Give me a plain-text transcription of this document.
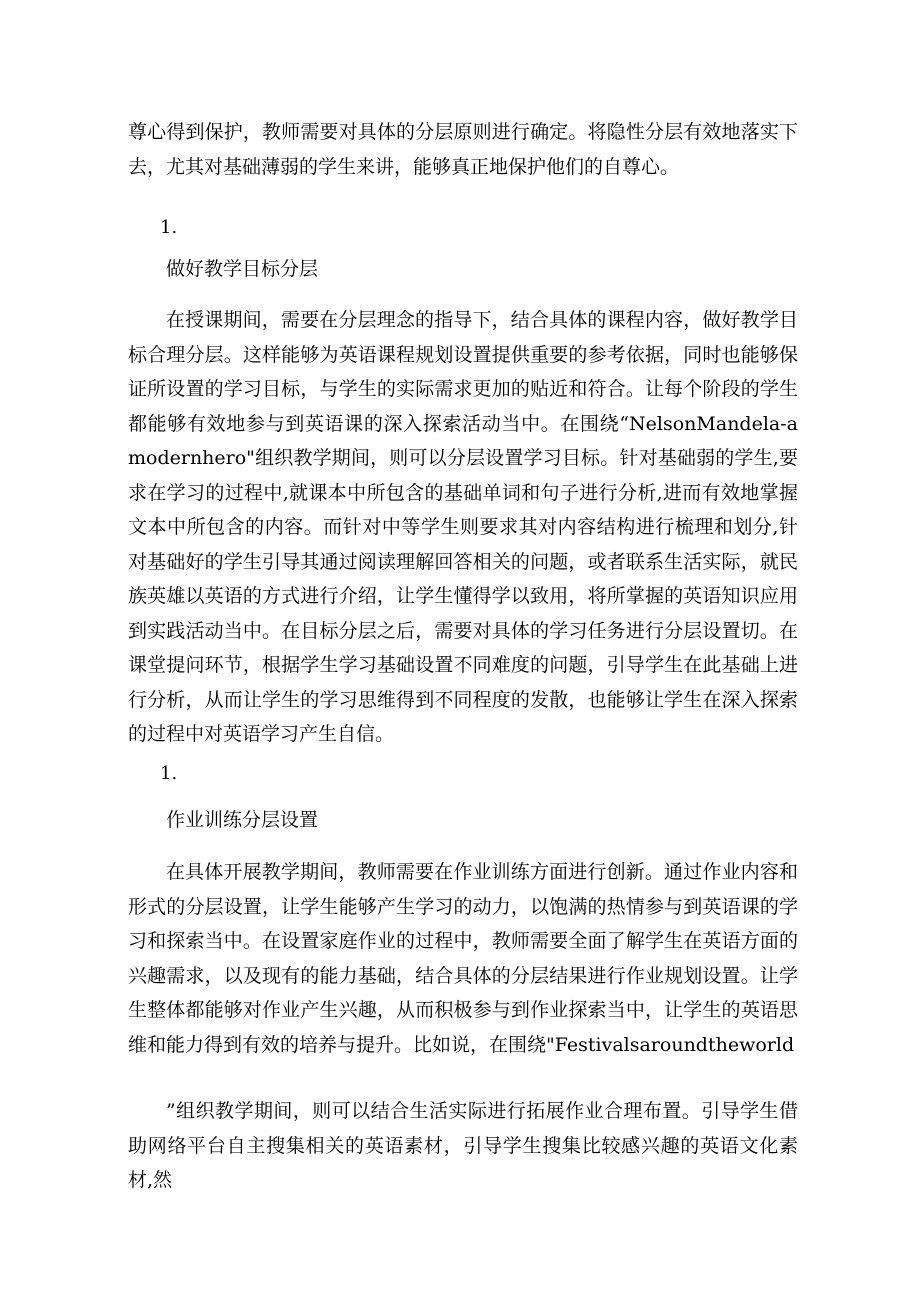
尊心得到保护，教师需要对具体的分层原则进行确定。将隐性分层有效地落实下去，尤其对基础薄弱的学生来讲，能够真正地保护他们的自尊心。

1.

做好教学目标分层

在授课期间，需要在分层理念的指导下，结合具体的课程内容，做好教学目标合理分层。这样能够为英语课程规划设置提供重要的参考依据，同时也能够保证所设置的学习目标，与学生的实际需求更加的贴近和符合。让每个阶段的学生都能够有效地参与到英语课的深入探索活动当中。在围绕“NelsonMandela-amodernhero"组织教学期间，则可以分层设置学习目标。针对基础弱的学生,要求在学习的过程中,就课本中所包含的基础单词和句子进行分析,进而有效地掌握文本中所包含的内容。而针对中等学生则要求其对内容结构进行梳理和划分,针对基础好的学生引导其通过阅读理解回答相关的问题，或者联系生活实际，就民族英雄以英语的方式进行介绍，让学生懂得学以致用，将所掌握的英语知识应用到实践活动当中。在目标分层之后，需要对具体的学习任务进行分层设置切。在课堂提问环节，根据学生学习基础设置不同难度的问题，引导学生在此基础上进行分析，从而让学生的学习思维得到不同程度的发散，也能够让学生在深入探索的过程中对英语学习产生自信。

1.

作业训练分层设置

在具体开展教学期间，教师需要在作业训练方面进行创新。通过作业内容和形式的分层设置，让学生能够产生学习的动力，以饱满的热情参与到英语课的学习和探索当中。在设置家庭作业的过程中，教师需要全面了解学生在英语方面的兴趣需求，以及现有的能力基础，结合具体的分层结果进行作业规划设置。让学生整体都能够对作业产生兴趣，从而积极参与到作业探索当中，让学生的英语思维和能力得到有效的培养与提升。比如说，在围绕"Festivalsaroundtheworld

”组织教学期间，则可以结合生活实际进行拓展作业合理布置。引导学生借助网络平台自主搜集相关的英语素材，引导学生搜集比较感兴趣的英语文化素材,然
